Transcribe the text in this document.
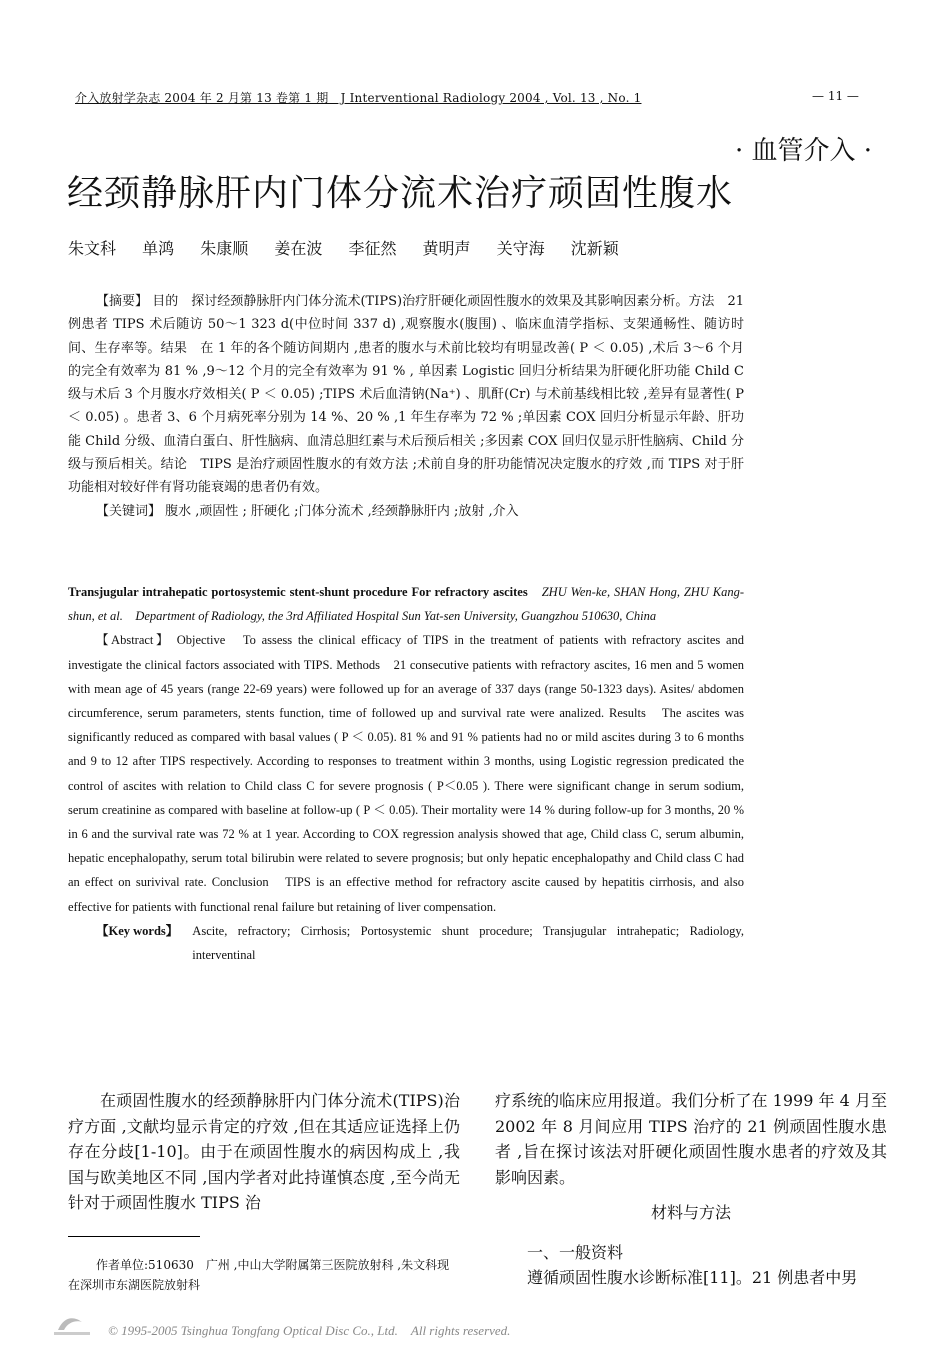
介入放射学杂志 2004 年 2 月第 13 卷第 1 期　J Interventional Radiology 2004 , Vol. 13 , No. 1	— 11 —
· 血管介入 ·
经颈静脉肝内门体分流术治疗顽固性腹水
朱文科 单鸿 朱康顺 姜在波 李征然 黄明声 关守海 沈新颖

【摘要】 目的　探讨经颈静脉肝内门体分流术(TIPS)治疗肝硬化顽固性腹水的效果及其影响因素分析。方法　21 例患者 TIPS 术后随访 50～1 323 d(中位时间 337 d) ,观察腹水(腹围) 、临床血清学指标、支架通畅性、随访时间、生存率等。结果　在 1 年的各个随访间期内 ,患者的腹水与术前比较均有明显改善( P ＜ 0.05) ,术后 3～6 个月的完全有效率为 81 % ,9～12 个月的完全有效率为 91 % , 单因素 Logistic 回归分析结果为肝硬化肝功能 Child C 级与术后 3 个月腹水疗效相关( P ＜ 0.05) ;TIPS 术后血清钠(Na⁺) 、肌酐(Cr) 与术前基线相比较 ,差异有显著性( P ＜ 0.05) 。患者 3、6 个月病死率分别为 14 %、20 % ,1 年生存率为 72 % ;单因素 COX 回归分析显示年龄、肝功能 Child 分级、血清白蛋白、肝性脑病、血清总胆红素与术后预后相关 ;多因素 COX 回归仅显示肝性脑病、Child 分级与预后相关。结论　TIPS 是治疗顽固性腹水的有效方法 ;术前自身的肝功能情况决定腹水的疗效 ,而 TIPS 对于肝功能相对较好伴有肾功能衰竭的患者仍有效。

【关键词】 腹水 ,顽固性 ; 肝硬化 ;门体分流术 ,经颈静脉肝内 ;放射 ,介入

Transjugular intrahepatic portosystemic stent-shunt procedure For refractory ascites　 ZHU Wen-ke, SHAN Hong, ZHU Kang-shun, et al.　Department of Radiology, the 3rd Affiliated Hospital Sun Yat-sen University, Guangzhou 510630, China

【Abstract】 Objective　To assess the clinical efficacy of TIPS in the treatment of patients with refractory ascites and investigate the clinical factors associated with TIPS. Methods　21 consecutive patients with refractory ascites, 16 men and 5 women with mean age of 45 years (range 22-69 years) were followed up for an average of 337 days (range 50-1323 days). Asites/ abdomen circumference, serum parameters, stents function, time of followed up and survival rate were analized. Results　The ascites was significantly reduced as compared with basal values ( P ＜ 0.05). 81 % and 91 % patients had no or mild ascites during 3 to 6 months and 9 to 12 after TIPS respectively. According to responses to treatment within 3 months, using Logistic regression predicated the control of ascites with relation to Child class C for severe prognosis ( P＜0.05 ). There were significant change in serum sodium, serum creatinine as compared with baseline at follow-up ( P ＜ 0.05). Their mortality were 14 % during follow-up for 3 months, 20 % in 6 and the survival rate was 72 % at 1 year. According to COX regression analysis showed that age, Child class C, serum albumin, hepatic encephalopathy, serum total bilirubin were related to severe prognosis; but only hepatic encephalopathy and Child class C had an effect on surivival rate. Conclusion　TIPS is an effective method for refractory ascite caused by hepatitis cirrhosis, and also effective for patients with functional renal failure but retaining of liver compensation.

【Key words】 Ascite, refractory; Cirrhosis; Portosystemic shunt procedure; Transjugular intrahepatic; Radiology, interventinal

在顽固性腹水的经颈静脉肝内门体分流术(TIPS)治疗方面 ,文献均显示肯定的疗效 ,但在其适应证选择上仍存在分歧[1-10]。由于在顽固性腹水的病因构成上 ,我国与欧美地区不同 ,国内学者对此持谨慎态度 ,至今尚无针对于顽固性腹水 TIPS 治

疗系统的临床应用报道。我们分析了在 1999 年 4 月至 2002 年 8 月间应用 TIPS 治疗的 21 例顽固性腹水患者 ,旨在探讨该法对肝硬化顽固性腹水患者的疗效及其影响因素。

材料与方法

一、一般资料

遵循顽固性腹水诊断标准[11]。21 例患者中男

作者单位:510630　广州 ,中山大学附属第三医院放射科 ,朱文科现在深圳市东湖医院放射科

© 1995-2005 Tsinghua Tongfang Optical Disc Co., Ltd.　All rights reserved.
